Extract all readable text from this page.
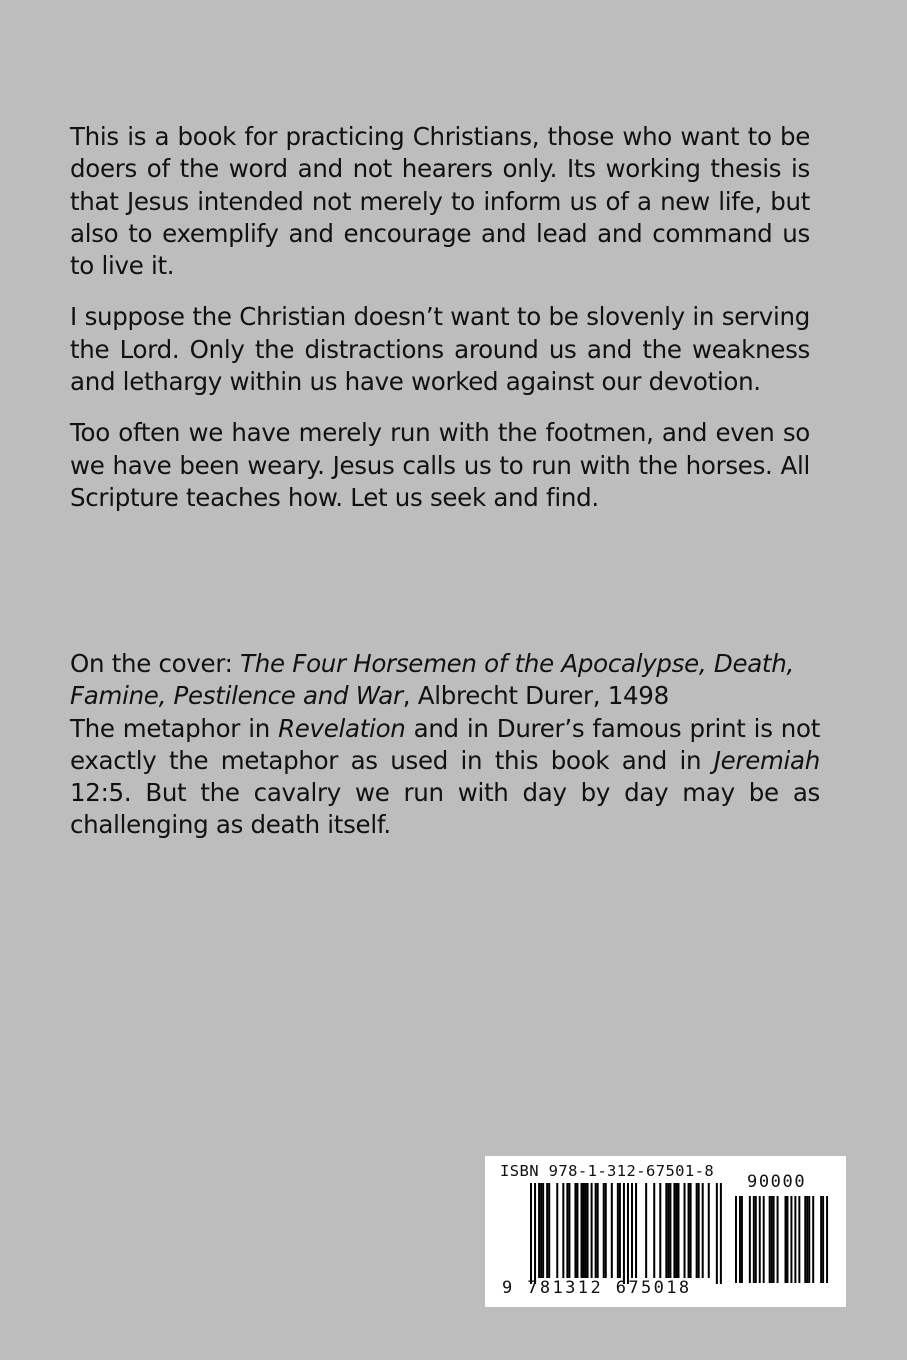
This is a book for practicing Christians, those who want to be doers of the word and not hearers only. Its working thesis is that Jesus intended not merely to inform us of a new life, but also to exemplify and encourage and lead and command us to live it.

I suppose the Christian doesn’t want to be slovenly in serving the Lord. Only the distractions around us and the weakness and lethargy within us have worked against our devotion.

Too often we have merely run with the footmen, and even so we have been weary. Jesus calls us to run with the horses. All Scripture teaches how. Let us seek and find.

On the cover: The Four Horsemen of the Apocalypse, Death, Famine, Pestilence and War, Albrecht Durer, 1498

The metaphor in Revelation and in Durer’s famous print is not exactly the metaphor as used in this book and in Jeremiah 12:5. But the cavalry we run with day by day may be as challenging as death itself.

ISBN 978-1-312-67501-8
90000
9 781312 675018
